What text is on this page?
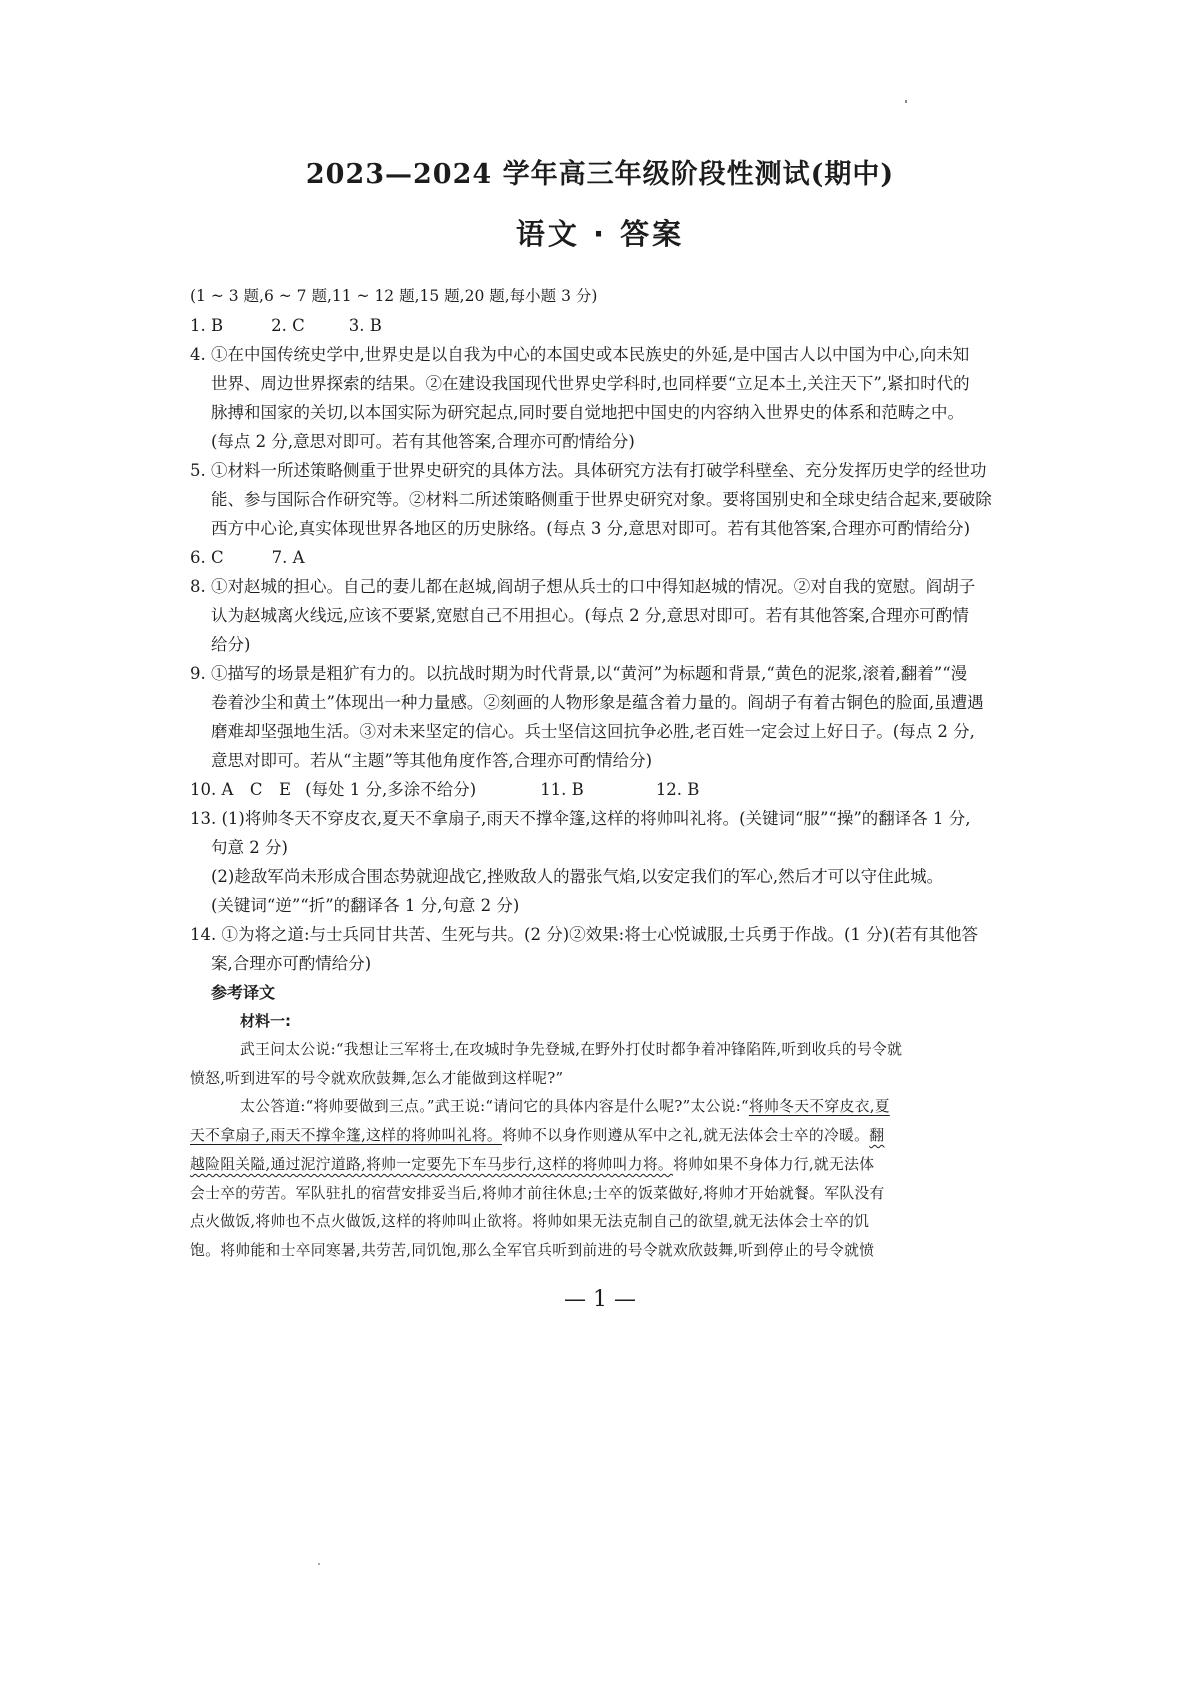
2023—2024 学年高三年级阶段性测试(期中)
语文 · 答案
(1 ~ 3 题,6 ~ 7 题,11 ~ 12 题,15 题,20 题,每小题 3 分)
1. B	2. C	3. B
4. ①在中国传统史学中,世界史是以自我为中心的本国史或本民族史的外延,是中国古人以中国为中心,向未知
世界、周边世界探索的结果。②在建设我国现代世界史学科时,也同样要“立足本土,关注天下”,紧扣时代的
脉搏和国家的关切,以本国实际为研究起点,同时要自觉地把中国史的内容纳入世界史的体系和范畴之中。
(每点 2 分,意思对即可。若有其他答案,合理亦可酌情给分)
5. ①材料一所述策略侧重于世界史研究的具体方法。具体研究方法有打破学科壁垒、充分发挥历史学的经世功
能、参与国际合作研究等。②材料二所述策略侧重于世界史研究对象。要将国别史和全球史结合起来,要破除
西方中心论,真实体现世界各地区的历史脉络。(每点 3 分,意思对即可。若有其他答案,合理亦可酌情给分)
6. C	7. A
8. ①对赵城的担心。自己的妻儿都在赵城,阎胡子想从兵士的口中得知赵城的情况。②对自我的宽慰。阎胡子
认为赵城离火线远,应该不要紧,宽慰自己不用担心。(每点 2 分,意思对即可。若有其他答案,合理亦可酌情
给分)
9. ①描写的场景是粗犷有力的。以抗战时期为时代背景,以“黄河”为标题和背景,“黄色的泥浆,滚着,翻着”“漫
卷着沙尘和黄土”体现出一种力量感。②刻画的人物形象是蕴含着力量的。阎胡子有着古铜色的脸面,虽遭遇
磨难却坚强地生活。③对未来坚定的信心。兵士坚信这回抗争必胜,老百姓一定会过上好日子。(每点 2 分,
意思对即可。若从“主题”等其他角度作答,合理亦可酌情给分)
10. A　C　E (每处 1 分,多涂不给分)	11. B	12. B
13. (1)将帅冬天不穿皮衣,夏天不拿扇子,雨天不撑伞篷,这样的将帅叫礼将。(关键词“服”“操”的翻译各 1 分,
句意 2 分)
(2)趁敌军尚未形成合围态势就迎战它,挫败敌人的嚣张气焰,以安定我们的军心,然后才可以守住此城。
(关键词“逆”“折”的翻译各 1 分,句意 2 分)
14. ①为将之道:与士兵同甘共苦、生死与共。(2 分)②效果:将士心悦诚服,士兵勇于作战。(1 分)(若有其他答
案,合理亦可酌情给分)
参考译文
材料一:
武王问太公说:“我想让三军将士,在攻城时争先登城,在野外打仗时都争着冲锋陷阵,听到收兵的号令就
愤怒,听到进军的号令就欢欣鼓舞,怎么才能做到这样呢?”
太公答道:“将帅要做到三点。”武王说:“请问它的具体内容是什么呢?”太公说:“将帅冬天不穿皮衣,夏
天不拿扇子,雨天不撑伞篷,这样的将帅叫礼将。将帅不以身作则遵从军中之礼,就无法体会士卒的冷暖。翻
越险阻关隘,通过泥泞道路,将帅一定要先下车马步行,这样的将帅叫力将。将帅如果不身体力行,就无法体
会士卒的劳苦。军队驻扎的宿营安排妥当后,将帅才前往休息;士卒的饭菜做好,将帅才开始就餐。军队没有
点火做饭,将帅也不点火做饭,这样的将帅叫止欲将。将帅如果无法克制自己的欲望,就无法体会士卒的饥
饱。将帅能和士卒同寒暑,共劳苦,同饥饱,那么全军官兵听到前进的号令就欢欣鼓舞,听到停止的号令就愤
— 1 —
